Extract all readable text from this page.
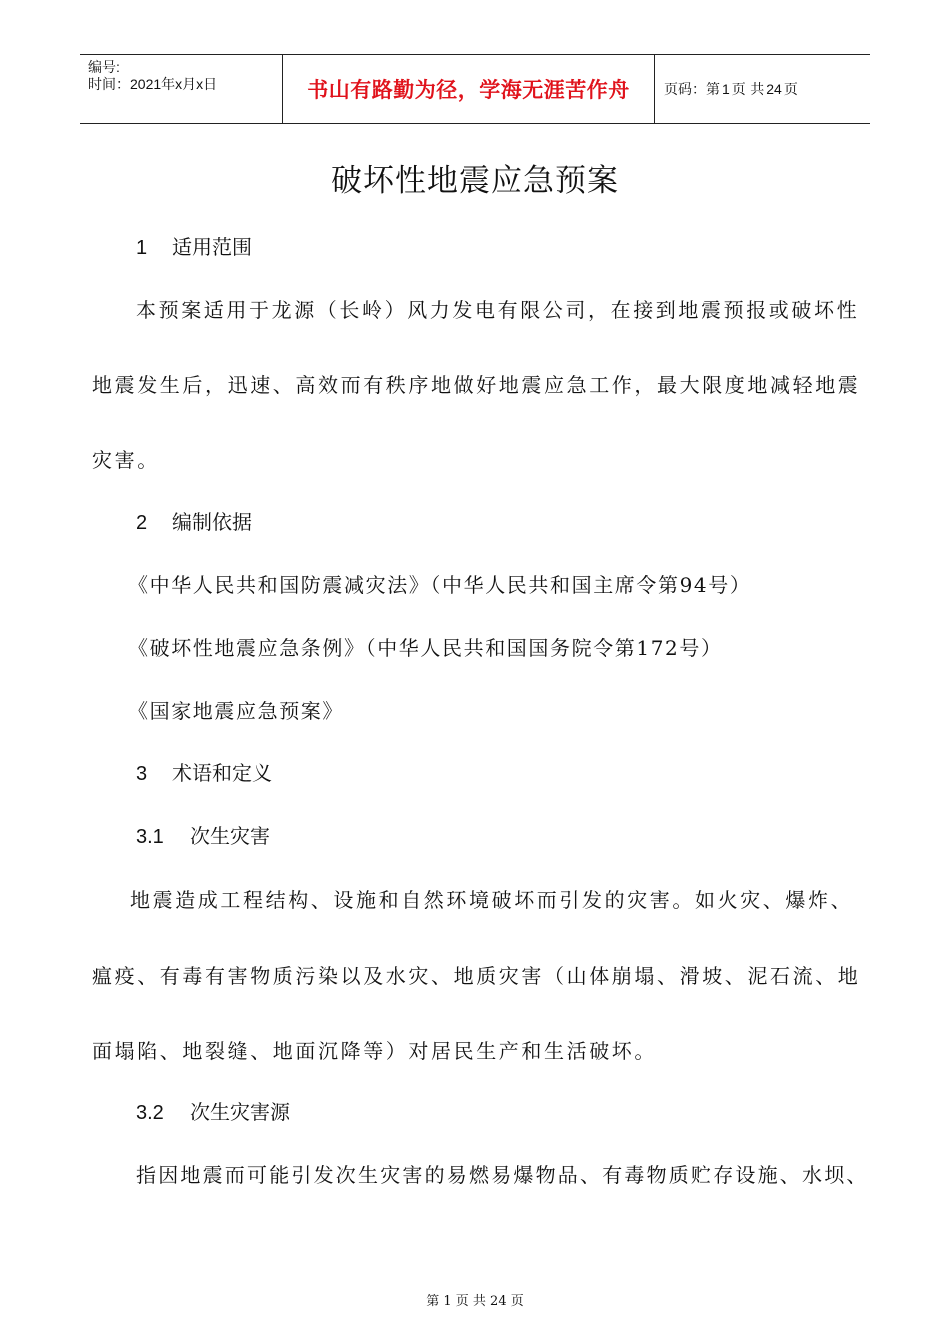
编号:
时间：2021年x月x日	书山有路勤为径，学海无涯苦作舟	页码：第 1 页 共 24 页
破坏性地震应急预案
1 适用范围
本预案适用于龙源（长岭）风力发电有限公司，在接到地震预报或破坏性
地震发生后，迅速、高效而有秩序地做好地震应急工作，最大限度地减轻地震
灾害。
2 编制依据
《中华人民共和国防震减灾法》（中华人民共和国主席令第94号）
《破坏性地震应急条例》（中华人民共和国国务院令第172号）
《国家地震应急预案》
3 术语和定义
3.1 次生灾害
地震造成工程结构、设施和自然环境破坏而引发的灾害。如火灾、爆炸、
瘟疫、有毒有害物质污染以及水灾、地质灾害（山体崩塌、滑坡、泥石流、地
面塌陷、地裂缝、地面沉降等）对居民生产和生活破坏。
3.2 次生灾害源
指因地震而可能引发次生灾害的易燃易爆物品、有毒物质贮存设施、水坝、
第 1 页 共 24 页
